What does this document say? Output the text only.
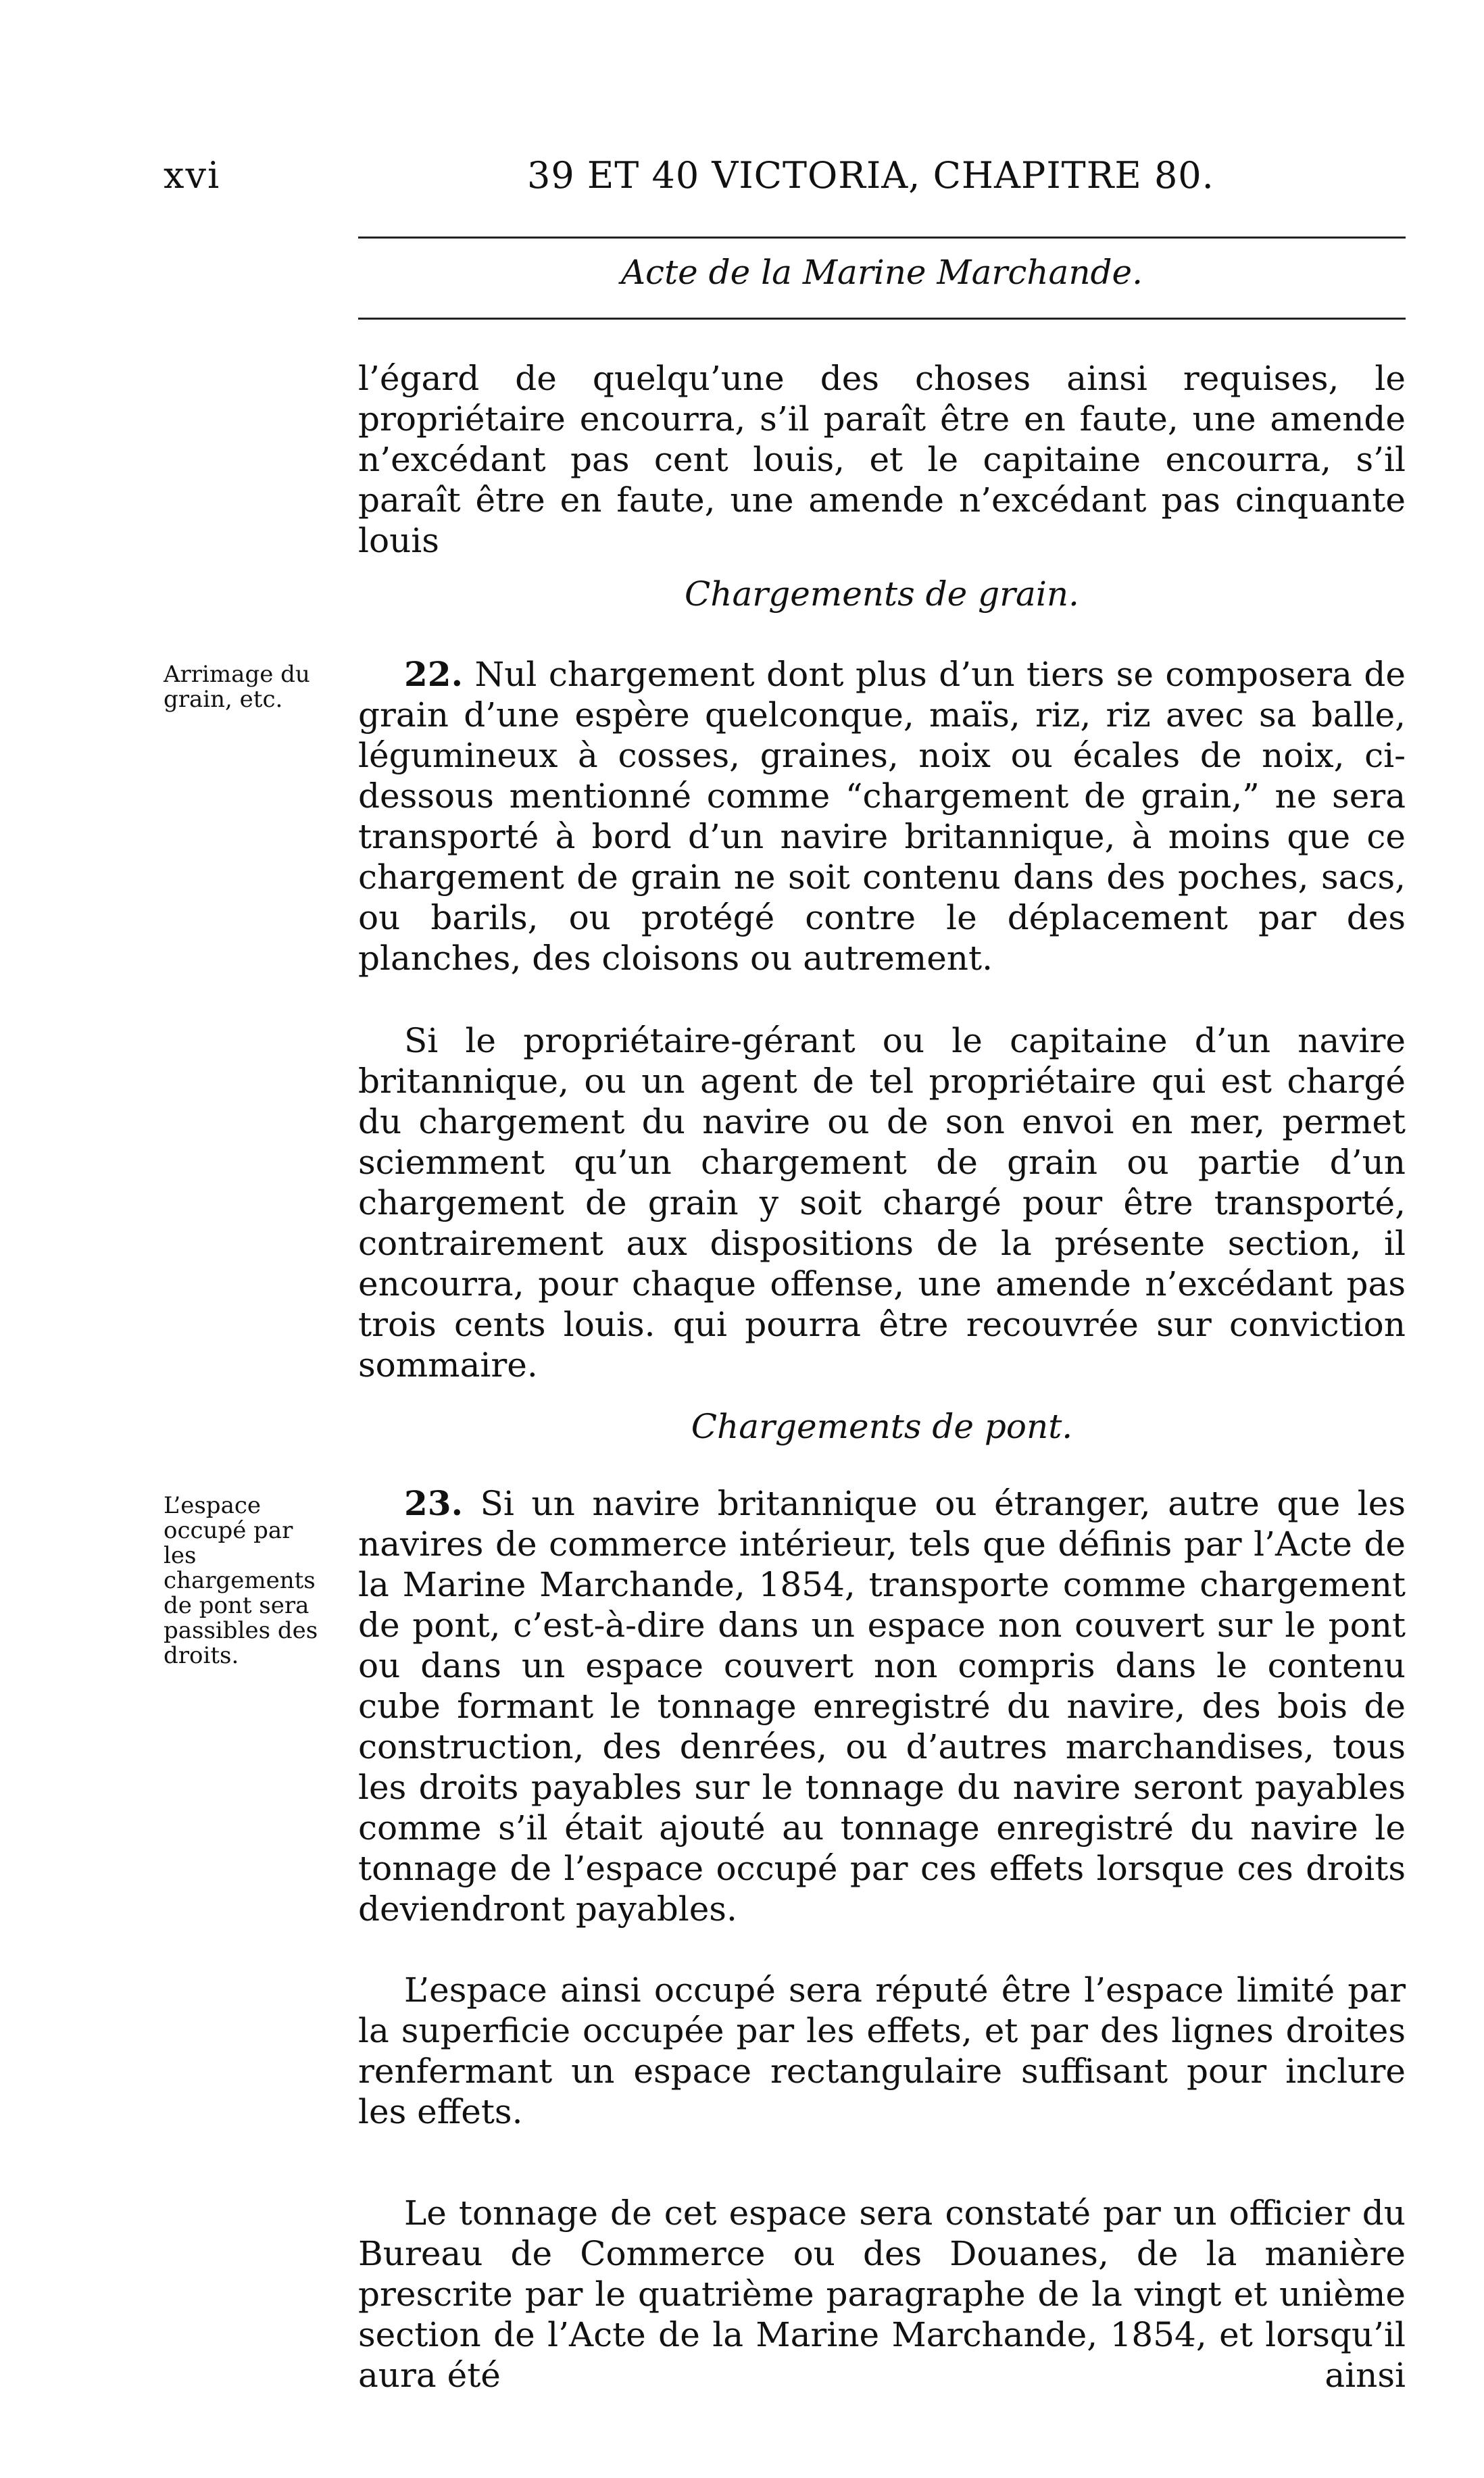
xvi	39 ET 40 VICTORIA, CHAPITRE 80.
Acte de la Marine Marchande.
l’égard de quelqu’une des choses ainsi requises, le propriétaire encourra, s’il paraît être en faute, une amende n’excédant pas cent louis, et le capitaine encourra, s’il paraît être en faute, une amende n’excédant pas cinquante louis
Chargements de grain.
Arrimage du grain, etc.
22. Nul chargement dont plus d’un tiers se composera de grain d’une espère quelconque, maïs, riz, riz avec sa balle, légumineux à cosses, graines, noix ou écales de noix, ci-dessous mentionné comme “chargement de grain,” ne sera transporté à bord d’un navire britannique, à moins que ce chargement de grain ne soit contenu dans des poches, sacs, ou barils, ou protégé contre le déplacement par des planches, des cloisons ou autrement.
Si le propriétaire-gérant ou le capitaine d’un navire britannique, ou un agent de tel propriétaire qui est chargé du chargement du navire ou de son envoi en mer, permet sciemment qu’un chargement de grain ou partie d’un chargement de grain y soit chargé pour être transporté, contrairement aux dispositions de la présente section, il encourra, pour chaque offense, une amende n’excédant pas trois cents louis. qui pourra être recouvrée sur conviction sommaire.
Chargements de pont.
L’espace occupé par les chargements de pont sera passibles des droits.
23. Si un navire britannique ou étranger, autre que les navires de commerce intérieur, tels que définis par l’Acte de la Marine Marchande, 1854, transporte comme chargement de pont, c’est-à-dire dans un espace non couvert sur le pont ou dans un espace couvert non compris dans le contenu cube formant le tonnage enregistré du navire, des bois de construction, des denrées, ou d’autres marchandises, tous les droits payables sur le tonnage du navire seront payables comme s’il était ajouté au tonnage enregistré du navire le tonnage de l’espace occupé par ces effets lorsque ces droits deviendront payables.
L’espace ainsi occupé sera réputé être l’espace limité par la superficie occupée par les effets, et par des lignes droites renfermant un espace rectangulaire suffisant pour inclure les effets.
Le tonnage de cet espace sera constaté par un officier du Bureau de Commerce ou des Douanes, de la manière prescrite par le quatrième paragraphe de la vingt et unième section de l’Acte de la Marine Marchande, 1854, et lorsqu’il aura été	ainsi
